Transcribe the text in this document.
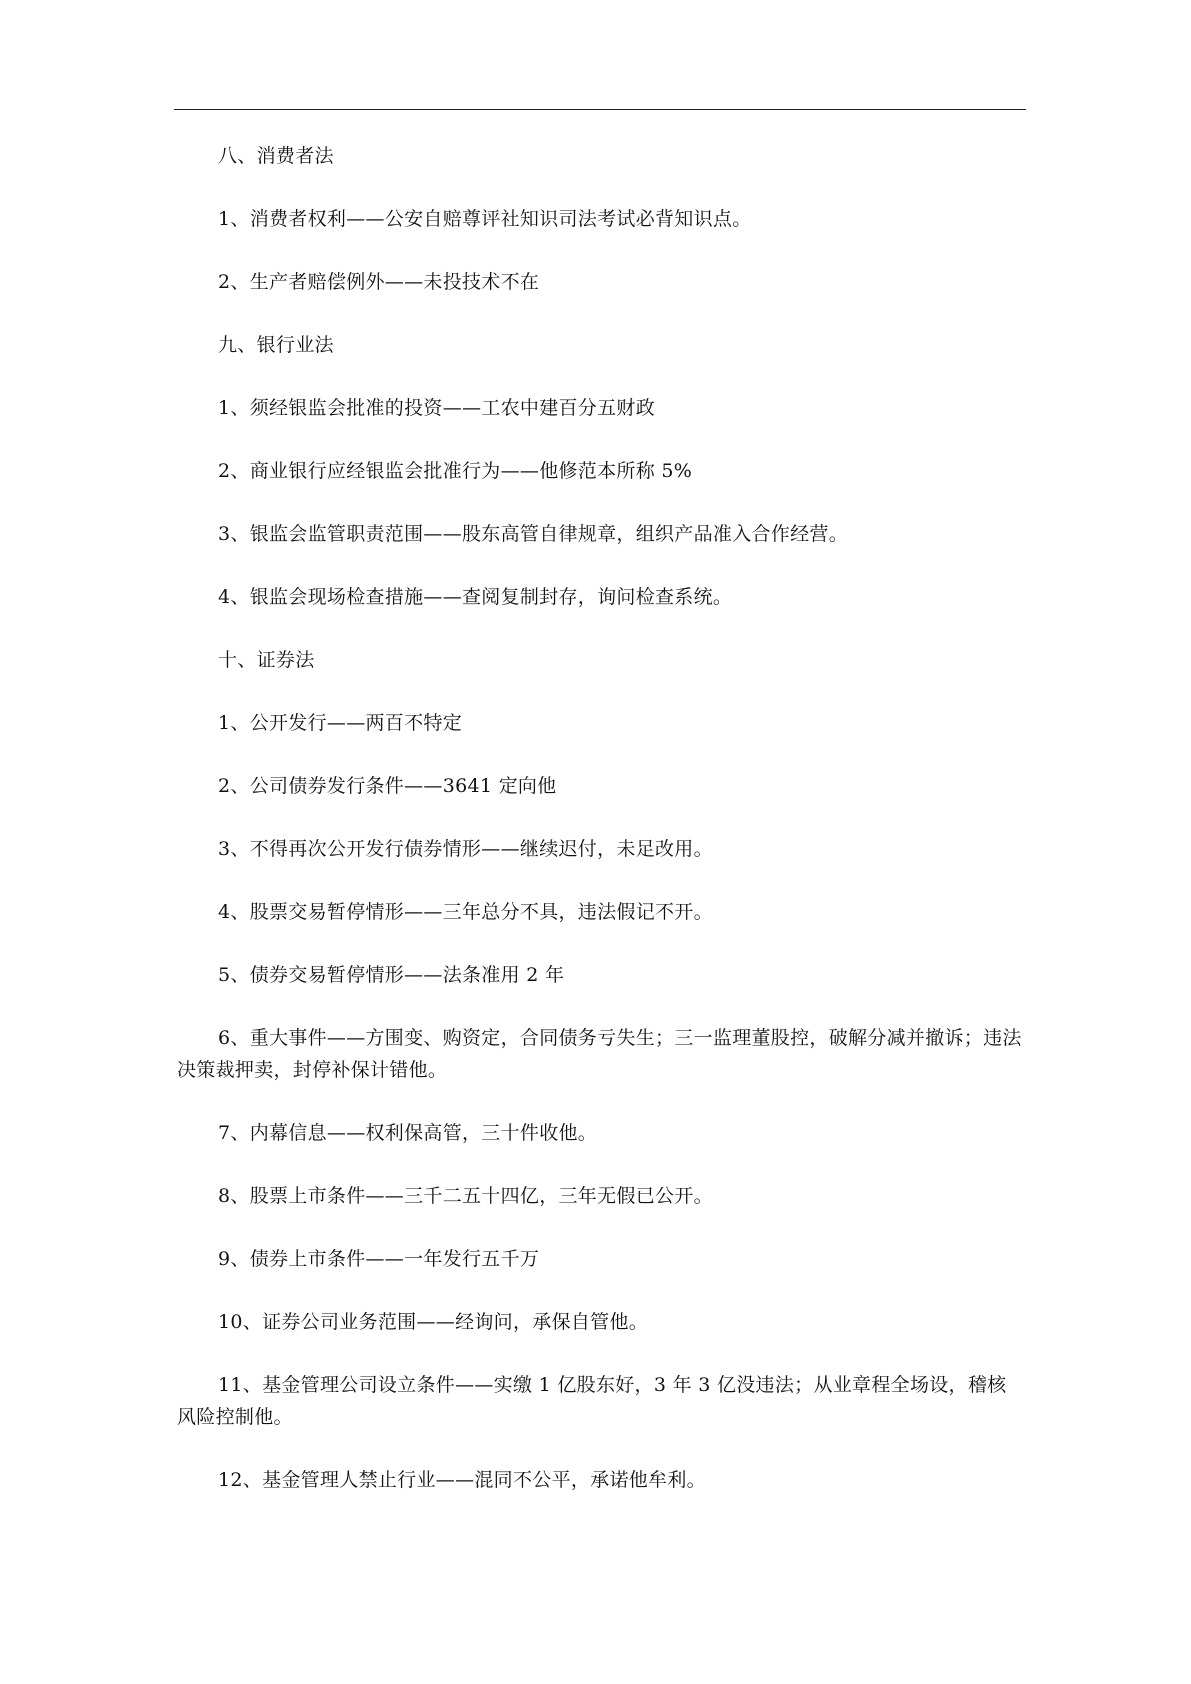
八、消费者法

1、消费者权利——公安自赔尊评社知识司法考试必背知识点。

2、生产者赔偿例外——未投技术不在

九、银行业法

1、须经银监会批准的投资——工农中建百分五财政

2、商业银行应经银监会批准行为——他修范本所称 5%

3、银监会监管职责范围——股东高管自律规章，组织产品准入合作经营。

4、银监会现场检查措施——查阅复制封存，询问检查系统。

十、证券法

1、公开发行——两百不特定

2、公司债券发行条件——3641 定向他

3、不得再次公开发行债券情形——继续迟付，未足改用。

4、股票交易暂停情形——三年总分不具，违法假记不开。

5、债券交易暂停情形——法条准用 2 年

6、重大事件——方围变、购资定，合同债务亏失生；三一监理董股控，破解分减并撤诉；违法决策裁押卖，封停补保计错他。

7、内幕信息——权利保高管，三十件收他。

8、股票上市条件——三千二五十四亿，三年无假已公开。

9、债券上市条件——一年发行五千万

10、证券公司业务范围——经询问，承保自管他。

11、基金管理公司设立条件——实缴 1 亿股东好，3 年 3 亿没违法；从业章程全场设，稽核风险控制他。

12、基金管理人禁止行业——混同不公平，承诺他牟利。
